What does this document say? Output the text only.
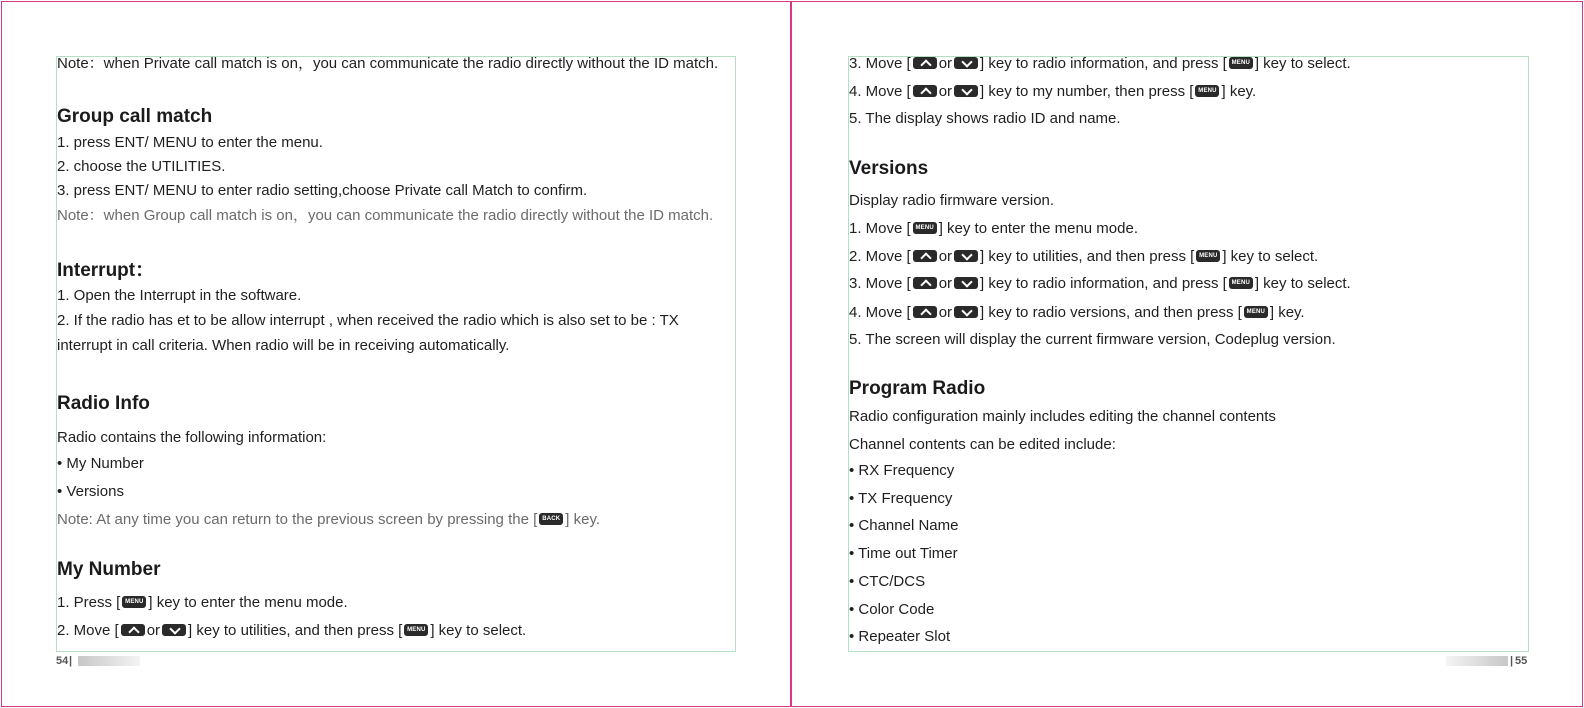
Note：when Private call match is on，you can communicate the radio directly without the ID match.
Group call match
1. press ENT/ MENU to enter the menu.
2. choose the UTILITIES.
3. press ENT/ MENU to enter radio setting,choose Private call Match to confirm.
Note：when Group call match is on，you can communicate the radio directly without the ID match.
Interrupt：
1. Open the Interrupt in the software.
2. If the radio has et to be allow interrupt , when received the radio which is also set to be : TX
interrupt in call criteria. When radio will be in receiving automatically.
Radio Info
Radio contains the following information:
• My Number
• Versions
Note: At any time you can return to the previous screen by pressing the [ BACK ] key.
My Number
1. Press [ MENU ] key to enter the menu mode.
2. Move [ or ] key to utilities, and then press [ MENU ] key to select.
3. Move [ or ] key to radio information, and press [ MENU ] key to select.
4. Move [ or ] key to my number, then press [ MENU ] key.
5. The display shows radio ID and name.
Versions
Display radio firmware version.
1. Move [ MENU ] key to enter the menu mode.
2. Move [ or ] key to utilities, and then press [ MENU ] key to select.
3. Move [ or ] key to radio information, and press [ MENU ] key to select.
4. Move [ or ] key to radio versions, and then press [ MENU ] key.
5. The screen will display the current firmware version, Codeplug version.
Program Radio
Radio configuration mainly includes editing the channel contents
Channel contents can be edited include:
• RX Frequency
• TX Frequency
• Channel Name
• Time out Timer
• CTC/DCS
• Color Code
• Repeater Slot
54 |	| 55
